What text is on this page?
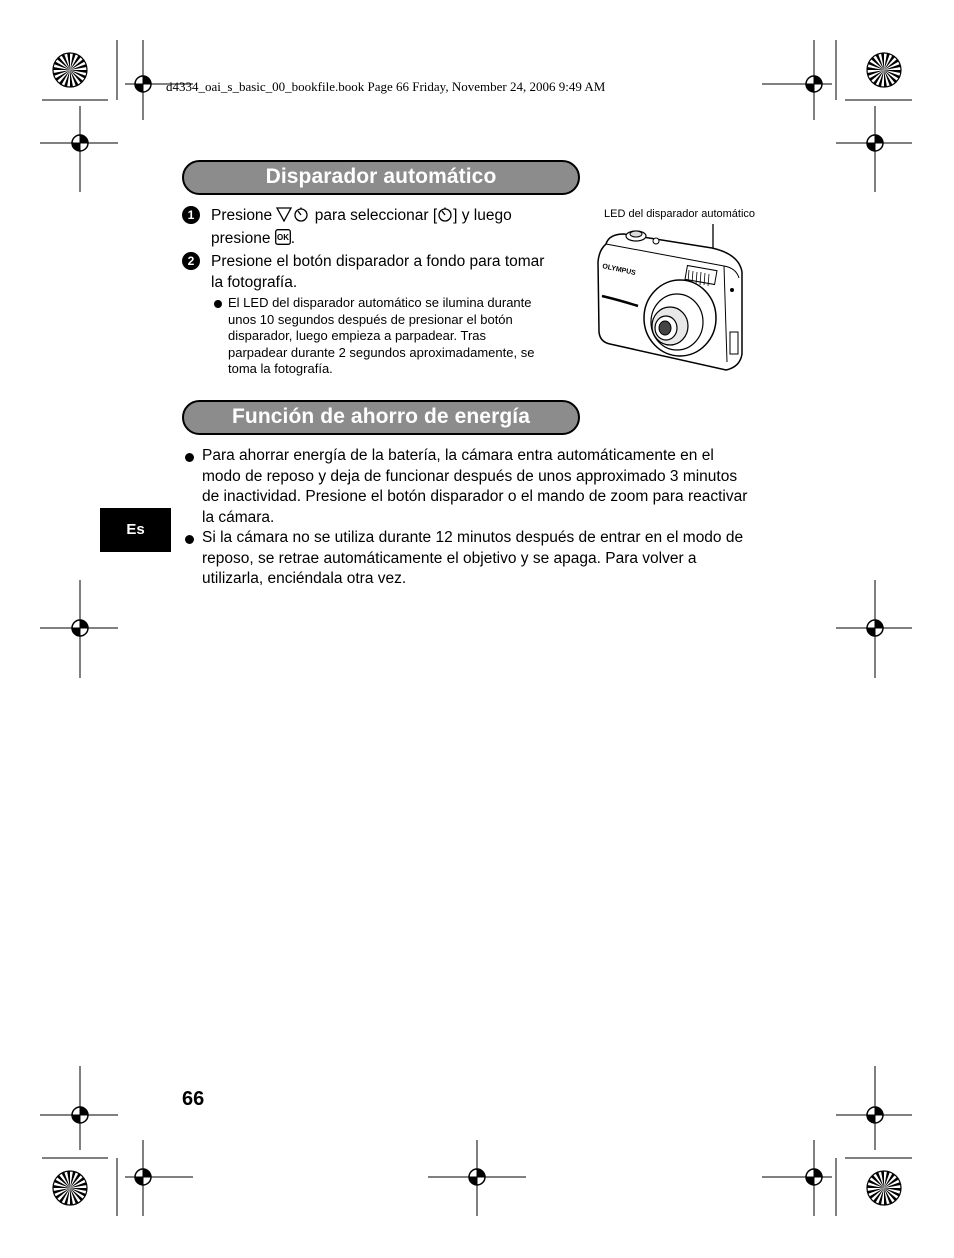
d4334_oai_s_basic_00_bookfile.book Page 66 Friday, November 24, 2006 9:49 AM
Disparador automático
1	Presione  para seleccionar [ ] y luego
presione OK .
2	Presione el botón disparador a fondo para tomar
la fotografía.
El LED del disparador automático se ilumina durante
unos 10 segundos después de presionar el botón
disparador, luego empieza a parpadear. Tras
parpadear durante 2 segundos aproximadamente, se
toma la fotografía.
LED del disparador automático
OLYMPUS
Función de ahorro de energía
Para ahorrar energía de la batería, la cámara entra automáticamente en el
modo de reposo y deja de funcionar después de unos approximado 3 minutos
de inactividad. Presione el botón disparador o el mando de zoom para reactivar
la cámara.
Si la cámara no se utiliza durante 12 minutos después de entrar en el modo de
reposo, se retrae automáticamente el objetivo y se apaga. Para volver a
utilizarla, enciéndala otra vez.
Es
66
